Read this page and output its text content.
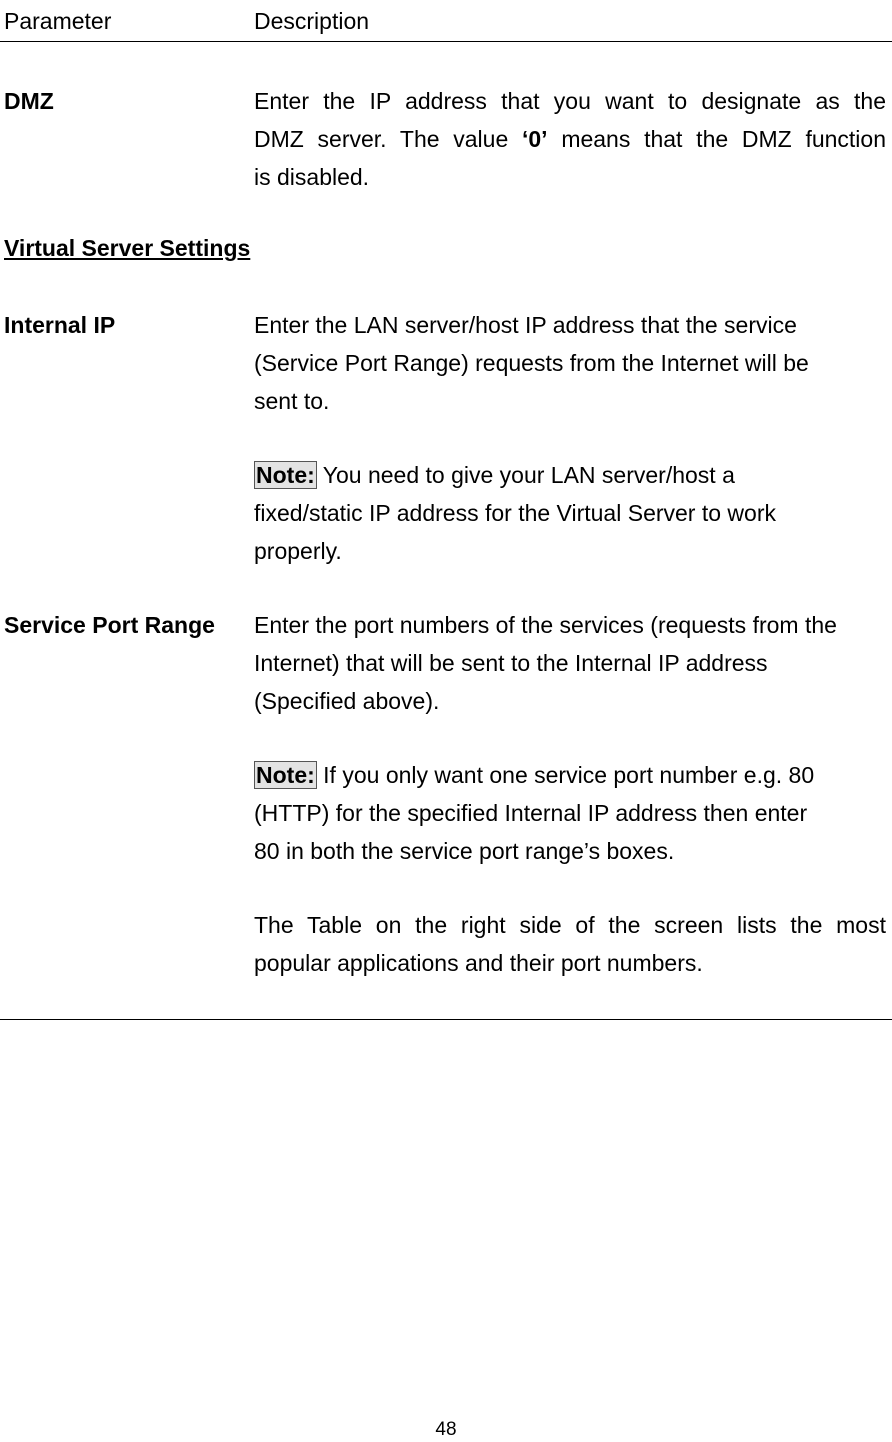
Parameter	Description
DMZ	Enter the IP address that you want to designate as the
DMZ server. The value ‘0’ means that the DMZ function
is disabled.
Virtual Server Settings
Internal IP	Enter the LAN server/host IP address that the service
(Service Port Range) requests from the Internet will be
sent to.
Note: You need to give your LAN server/host a
fixed/static IP address for the Virtual Server to work
properly.
Service Port Range Enter the port numbers of the services (requests from the
Internet) that will be sent to the Internal IP address
(Specified above).
Note: If you only want one service port number e.g. 80
(HTTP) for the specified Internal IP address then enter
80 in both the service port range’s boxes.
The Table on the right side of the screen lists the most
popular applications and their port numbers.
48
